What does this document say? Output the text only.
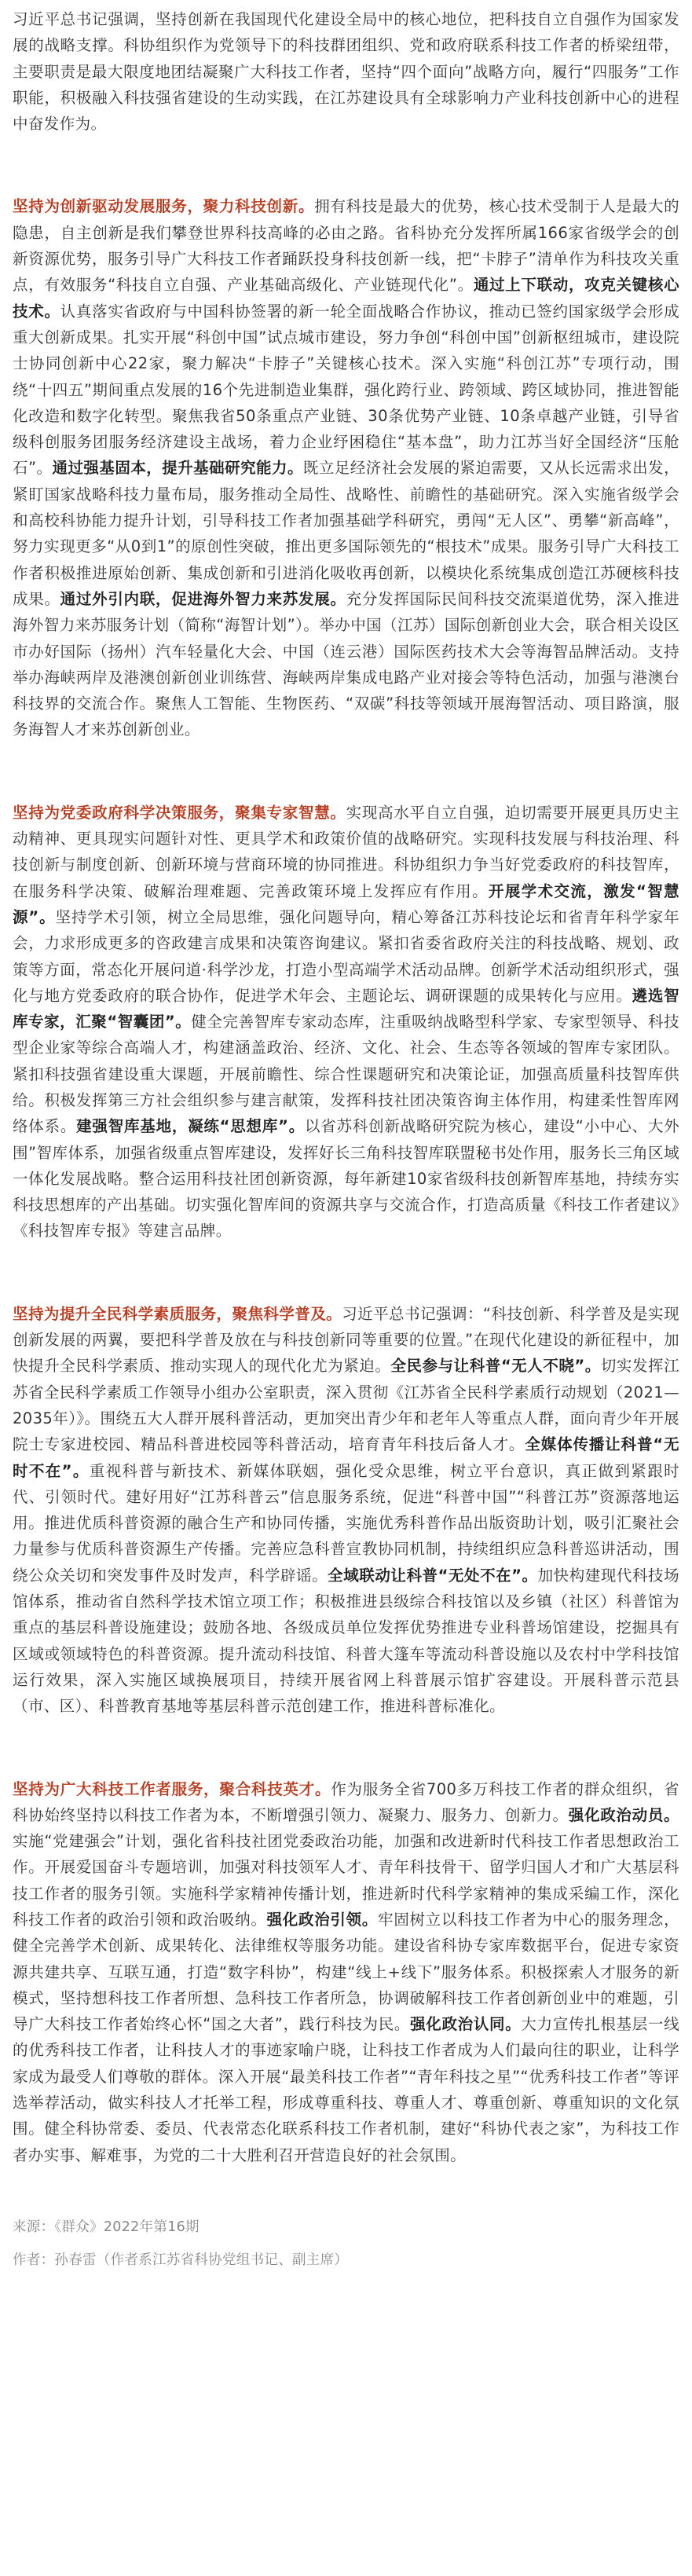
习近平总书记强调，坚持创新在我国现代化建设全局中的核心地位，把科技自立自强作为国家发展的战略支撑。科协组织作为党领导下的科技群团组织、党和政府联系科技工作者的桥梁纽带，主要职责是最大限度地团结凝聚广大科技工作者，坚持“四个面向”战略方向，履行“四服务”工作职能，积极融入科技强省建设的生动实践，在江苏建设具有全球影响力产业科技创新中心的进程中奋发作为。

坚持为创新驱动发展服务，聚力科技创新。拥有科技是最大的优势，核心技术受制于人是最大的隐患，自主创新是我们攀登世界科技高峰的必由之路。省科协充分发挥所属166家省级学会的创新资源优势，服务引导广大科技工作者踊跃投身科技创新一线，把“卡脖子”清单作为科技攻关重点，有效服务“科技自立自强、产业基础高级化、产业链现代化”。通过上下联动，攻克关键核心技术。认真落实省政府与中国科协签署的新一轮全面战略合作协议，推动已签约国家级学会形成重大创新成果。扎实开展“科创中国”试点城市建设，努力争创“科创中国”创新枢纽城市，建设院士协同创新中心22家，聚力解决“卡脖子”关键核心技术。深入实施“科创江苏”专项行动，围绕“十四五”期间重点发展的16个先进制造业集群，强化跨行业、跨领域、跨区域协同，推进智能化改造和数字化转型。聚焦我省50条重点产业链、30条优势产业链、10条卓越产业链，引导省级科创服务团服务经济建设主战场，着力企业纾困稳住“基本盘”，助力江苏当好全国经济“压舱石”。通过强基固本，提升基础研究能力。既立足经济社会发展的紧迫需要，又从长远需求出发，紧盯国家战略科技力量布局，服务推动全局性、战略性、前瞻性的基础研究。深入实施省级学会和高校科协能力提升计划，引导科技工作者加强基础学科研究，勇闯“无人区”、勇攀“新高峰”，努力实现更多“从0到1”的原创性突破，推出更多国际领先的“根技术”成果。服务引导广大科技工作者积极推进原始创新、集成创新和引进消化吸收再创新，以模块化系统集成创造江苏硬核科技成果。通过外引内联，促进海外智力来苏发展。充分发挥国际民间科技交流渠道优势，深入推进海外智力来苏服务计划（简称“海智计划”）。举办中国（江苏）国际创新创业大会，联合相关设区市办好国际（扬州）汽车轻量化大会、中国（连云港）国际医药技术大会等海智品牌活动。支持举办海峡两岸及港澳创新创业训练营、海峡两岸集成电路产业对接会等特色活动，加强与港澳台科技界的交流合作。聚焦人工智能、生物医药、“双碳”科技等领域开展海智活动、项目路演，服务海智人才来苏创新创业。

坚持为党委政府科学决策服务，聚集专家智慧。实现高水平自立自强，迫切需要开展更具历史主动精神、更具现实问题针对性、更具学术和政策价值的战略研究。实现科技发展与科技治理、科技创新与制度创新、创新环境与营商环境的协同推进。科协组织力争当好党委政府的科技智库，在服务科学决策、破解治理难题、完善政策环境上发挥应有作用。开展学术交流，激发“智慧源”。坚持学术引领，树立全局思维，强化问题导向，精心筹备江苏科技论坛和省青年科学家年会，力求形成更多的咨政建言成果和决策咨询建议。紧扣省委省政府关注的科技战略、规划、政策等方面，常态化开展问道·科学沙龙，打造小型高端学术活动品牌。创新学术活动组织形式，强化与地方党委政府的联合协作，促进学术年会、主题论坛、调研课题的成果转化与应用。遴选智库专家，汇聚“智囊团”。健全完善智库专家动态库，注重吸纳战略型科学家、专家型领导、科技型企业家等综合高端人才，构建涵盖政治、经济、文化、社会、生态等各领域的智库专家团队。紧扣科技强省建设重大课题，开展前瞻性、综合性课题研究和决策论证，加强高质量科技智库供给。积极发挥第三方社会组织参与建言献策，发挥科技社团决策咨询主体作用，构建柔性智库网络体系。建强智库基地，凝练“思想库”。以省苏科创新战略研究院为核心，建设“小中心、大外围”智库体系，加强省级重点智库建设，发挥好长三角科技智库联盟秘书处作用，服务长三角区域一体化发展战略。整合运用科技社团创新资源，每年新建10家省级科技创新智库基地，持续夯实科技思想库的产出基础。切实强化智库间的资源共享与交流合作，打造高质量《科技工作者建议》《科技智库专报》等建言品牌。

坚持为提升全民科学素质服务，聚焦科学普及。习近平总书记强调：“科技创新、科学普及是实现创新发展的两翼，要把科学普及放在与科技创新同等重要的位置。”在现代化建设的新征程中，加快提升全民科学素质、推动实现人的现代化尤为紧迫。全民参与让科普“无人不晓”。切实发挥江苏省全民科学素质工作领导小组办公室职责，深入贯彻《江苏省全民科学素质行动规划（2021—2035年）》。围绕五大人群开展科普活动，更加突出青少年和老年人等重点人群，面向青少年开展院士专家进校园、精品科普进校园等科普活动，培育青年科技后备人才。全媒体传播让科普“无时不在”。重视科普与新技术、新媒体联姻，强化受众思维，树立平台意识，真正做到紧跟时代、引领时代。建好用好“江苏科普云”信息服务系统，促进“科普中国”“科普江苏”资源落地运用。推进优质科普资源的融合生产和协同传播，实施优秀科普作品出版资助计划，吸引汇聚社会力量参与优质科普资源生产传播。完善应急科普宣教协同机制，持续组织应急科普巡讲活动，围绕公众关切和突发事件及时发声，科学辟谣。全域联动让科普“无处不在”。加快构建现代科技场馆体系，推动省自然科学技术馆立项工作；积极推进县级综合科技馆以及乡镇（社区）科普馆为重点的基层科普设施建设；鼓励各地、各级成员单位发挥优势推进专业科普场馆建设，挖掘具有区域或领域特色的科普资源。提升流动科技馆、科普大篷车等流动科普设施以及农村中学科技馆运行效果，深入实施区域换展项目，持续开展省网上科普展示馆扩容建设。开展科普示范县（市、区）、科普教育基地等基层科普示范创建工作，推进科普标准化。

坚持为广大科技工作者服务，聚合科技英才。作为服务全省700多万科技工作者的群众组织，省科协始终坚持以科技工作者为本，不断增强引领力、凝聚力、服务力、创新力。强化政治动员。实施“党建强会”计划，强化省科技社团党委政治功能，加强和改进新时代科技工作者思想政治工作。开展爱国奋斗专题培训，加强对科技领军人才、青年科技骨干、留学归国人才和广大基层科技工作者的服务引领。实施科学家精神传播计划，推进新时代科学家精神的集成采编工作，深化科技工作者的政治引领和政治吸纳。强化政治引领。牢固树立以科技工作者为中心的服务理念，健全完善学术创新、成果转化、法律维权等服务功能。建设省科协专家库数据平台，促进专家资源共建共享、互联互通，打造“数字科协”，构建“线上+线下”服务体系。积极探索人才服务的新模式，坚持想科技工作者所想、急科技工作者所急，协调破解科技工作者创新创业中的难题，引导广大科技工作者始终心怀“国之大者”，践行科技为民。强化政治认同。大力宣传扎根基层一线的优秀科技工作者，让科技人才的事迹家喻户晓，让科技工作者成为人们最向往的职业，让科学家成为最受人们尊敬的群体。深入开展“最美科技工作者”“青年科技之星”“优秀科技工作者”等评选举荐活动，做实科技人才托举工程，形成尊重科技、尊重人才、尊重创新、尊重知识的文化氛围。健全科协常委、委员、代表常态化联系科技工作者机制，建好“科协代表之家”，为科技工作者办实事、解难事，为党的二十大胜利召开营造良好的社会氛围。

来源：《群众》2022年第16期
作者：孙春雷（作者系江苏省科协党组书记、副主席）
